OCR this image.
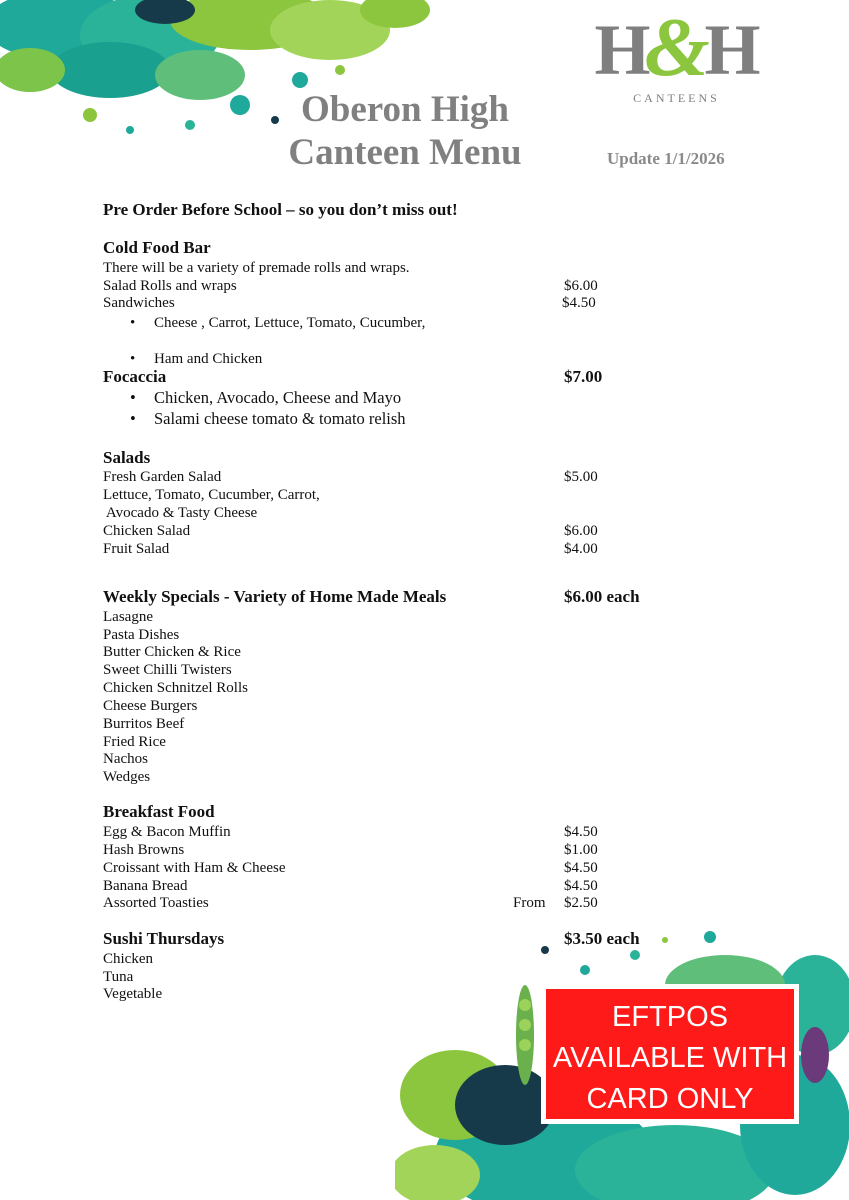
H H
&
CANTEENS
Oberon High
Canteen Menu	Update 1/1/2026
Pre Order Before School – so you don’t miss out!
Cold Food Bar
There will be a variety of premade rolls and wraps.
Salad Rolls and wraps	$6.00
Sandwiches	$4.50
• Cheese , Carrot, Lettuce, Tomato, Cucumber,
• Ham and Chicken
Focaccia	$7.00
• Chicken, Avocado, Cheese and Mayo
• Salami cheese tomato & tomato relish
Salads
Fresh Garden Salad	$5.00
Lettuce, Tomato, Cucumber, Carrot,
Avocado & Tasty Cheese
Chicken Salad	$6.00
Fruit Salad	$4.00
Weekly Specials - Variety of Home Made Meals	$6.00 each
Lasagne
Pasta Dishes
Butter Chicken & Rice
Sweet Chilli Twisters
Chicken Schnitzel Rolls
Cheese Burgers
Burritos Beef
Fried Rice
Nachos
Wedges
Breakfast Food
Egg & Bacon Muffin	$4.50
Hash Browns	$1.00
Croissant with Ham & Cheese	$4.50
Banana Bread	$4.50
Assorted Toasties	From $2.50
Sushi Thursdays	$3.50 each
Chicken
Tuna
Vegetable
EFTPOS
AVAILABLE WITH
CARD ONLY
